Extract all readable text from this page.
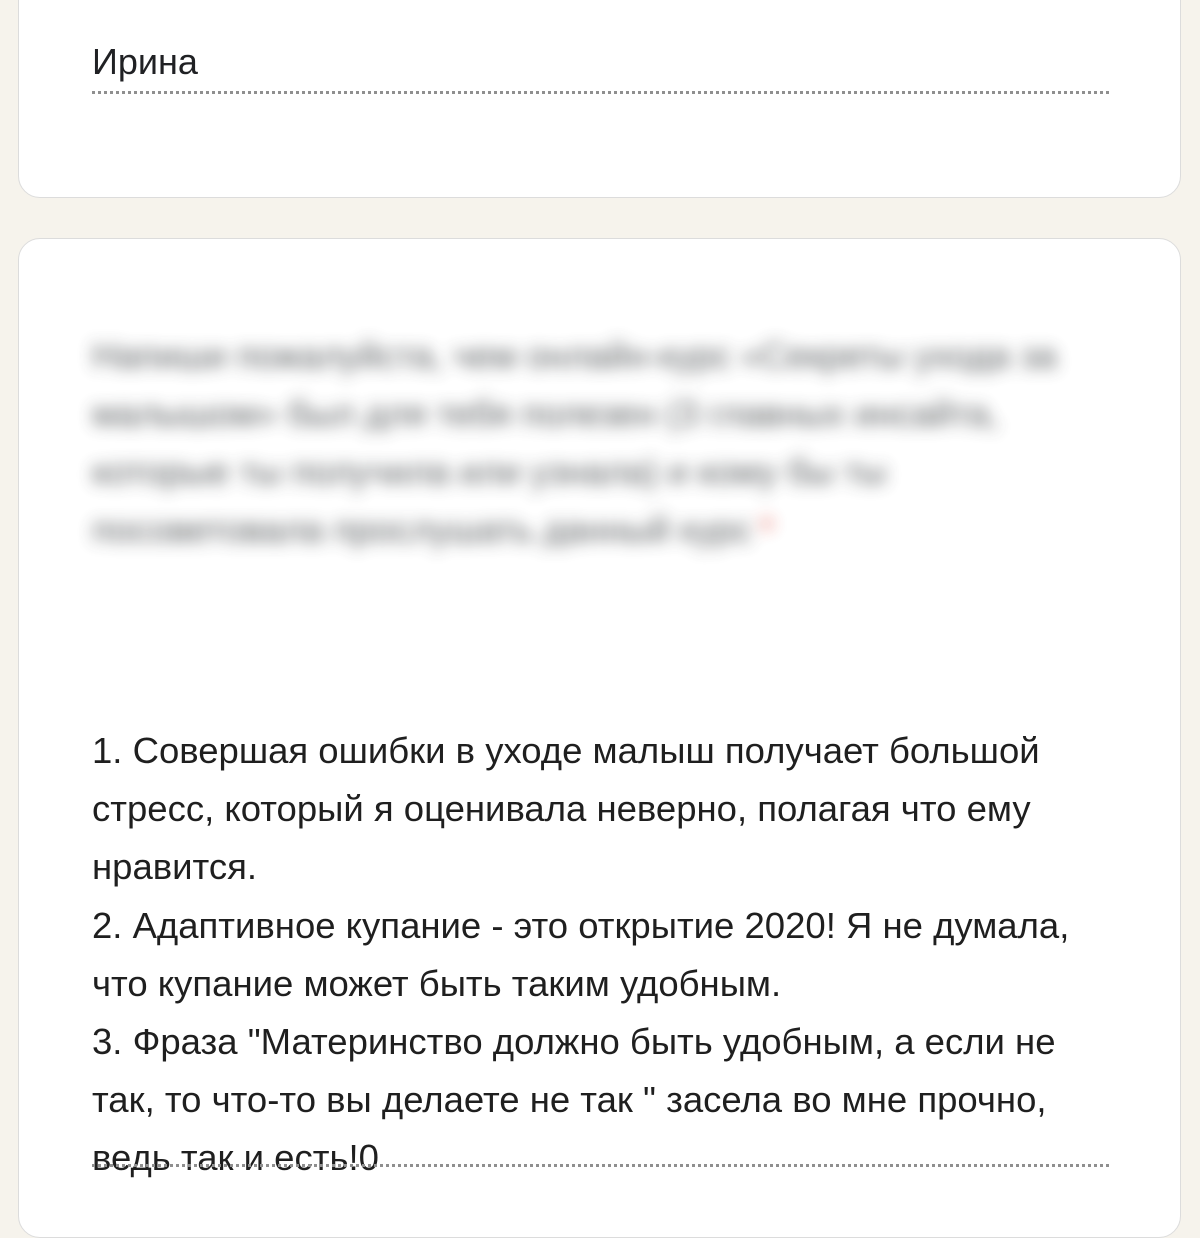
Ирина
Напиши пожалуйста, чем онлайн-курс «Секреты ухода за малышом» был для тебя полезен (3 главных инсайта, которые ты получила или узнала) и кому бы ты посоветовала прослушать данный курс *
1. Совершая ошибки в уходе малыш получает большой стресс, который я оценивала неверно, полагая что ему нравится.
2. Адаптивное купание - это открытие 2020! Я не думала, что купание может быть таким удобным.
3. Фраза "Материнство должно быть удобным, а если не так, то что-то вы делаете не так " засела во мне прочно, ведь так и есть!0
